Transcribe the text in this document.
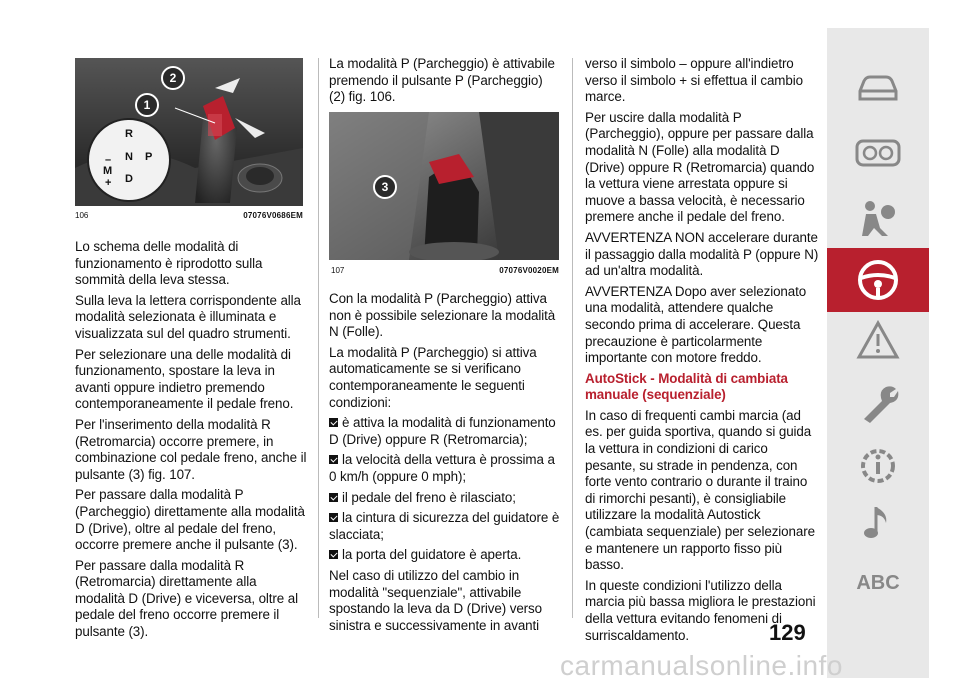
R
N
D
P
M
–
+
1
2
106	07076V0686EM

Lo schema delle modalità di funzionamento è riprodotto sulla sommità della leva stessa.

Sulla leva la lettera corrispondente alla modalità selezionata è illuminata e visualizzata sul del quadro strumenti.

Per selezionare una delle modalità di funzionamento, spostare la leva in avanti oppure indietro premendo contemporaneamente il pedale freno.

Per l'inserimento della modalità R (Retromarcia) occorre premere, in combinazione col pedale freno, anche il pulsante (3) fig. 107.

Per passare dalla modalità P (Parcheggio) direttamente alla modalità D (Drive), oltre al pedale del freno, occorre premere anche il pulsante (3).

Per passare dalla modalità R (Retromarcia) direttamente alla modalità D (Drive) e viceversa, oltre al pedale del freno occorre premere il pulsante (3).

La modalità P (Parcheggio) è attivabile premendo il pulsante P (Parcheggio) (2) fig. 106.

3
107	07076V0020EM

Con la modalità P (Parcheggio) attiva non è possibile selezionare la modalità N (Folle).

La modalità P (Parcheggio) si attiva automaticamente se si verificano contemporaneamente le seguenti condizioni:

è attiva la modalità di funzionamento D (Drive) oppure R (Retromarcia);

la velocità della vettura è prossima a 0 km/h (oppure 0 mph);

il pedale del freno è rilasciato;

la cintura di sicurezza del guidatore è slacciata;

la porta del guidatore è aperta.

Nel caso di utilizzo del cambio in modalità "sequenziale", attivabile spostando la leva da D (Drive) verso sinistra e successivamente in avanti

verso il simbolo – oppure all'indietro verso il simbolo + si effettua il cambio marce.

Per uscire dalla modalità P (Parcheggio), oppure per passare dalla modalità N (Folle) alla modalità D (Drive) oppure R (Retromarcia) quando la vettura viene arrestata oppure si muove a bassa velocità, è necessario premere anche il pedale del freno.

AVVERTENZA NON accelerare durante il passaggio dalla modalità P (oppure N) ad un'altra modalità.

AVVERTENZA Dopo aver selezionato una modalità, attendere qualche secondo prima di accelerare. Questa precauzione è particolarmente importante con motore freddo.

AutoStick - Modalità di cambiata manuale (sequenziale)

In caso di frequenti cambi marcia (ad es. per guida sportiva, quando si guida la vettura in condizioni di carico pesante, su strade in pendenza, con forte vento contrario o durante il traino di rimorchi pesanti), è consigliabile utilizzare la modalità Autostick (cambiata sequenziale) per selezionare e mantenere un rapporto fisso più basso.

In queste condizioni l'utilizzo della marcia più bassa migliora le prestazioni della vettura evitando fenomeni di surriscaldamento.

ABC
129
carmanualsonline.info
